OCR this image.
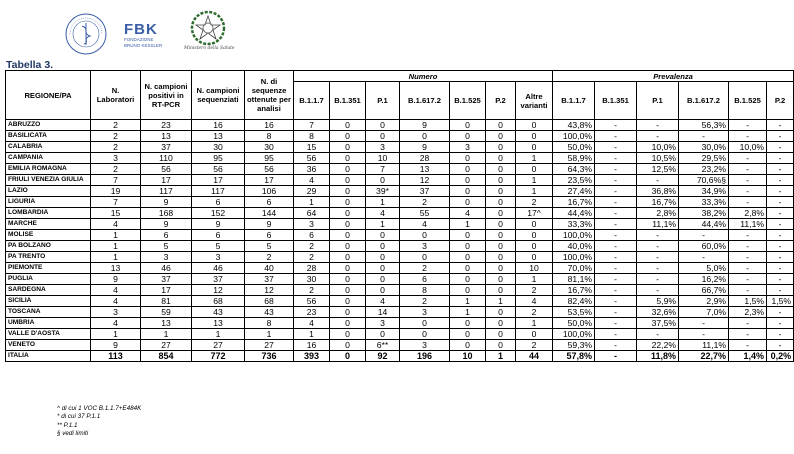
FBK
FONDAZIONE
BRUNO KESSLER
Ministero della Salute
Tabella 3.
REGIONE/PA	N. Laboratori	N. campioni positivi in RT-PCR	N. campioni sequenziati	N. di sequenze ottenute per analisi	Numero							Prevalenza					
					B.1.1.7	B.1.351	P.1	B.1.617.2	B.1.525	P.2	Altre varianti	B.1.1.7	B.1.351	P.1	B.1.617.2	B.1.525	P.2
ABRUZZO	2	23	16	16	7	0	0	9	0	0	0	43,8%	-	-	56,3%	-	-
BASILICATA	2	13	13	8	8	0	0	0	0	0	0	100,0%	-	-	-	-	-
CALABRIA	2	37	30	30	15	0	3	9	3	0	0	50,0%	-	10,0%	30,0%	10,0%	-
CAMPANIA	3	110	95	95	56	0	10	28	0	0	1	58,9%	-	10,5%	29,5%	-	-
EMILIA ROMAGNA	2	56	56	56	36	0	7	13	0	0	0	64,3%	-	12,5%	23,2%	-	-
FRIULI VENEZIA GIULIA	7	17	17	17	4	0	0	12	0	0	1	23,5%	-	-	70,6%§	-	-
LAZIO	19	117	117	106	29	0	39*	37	0	0	1	27,4%	-	36,8%	34,9%	-	-
LIGURIA	7	9	6	6	1	0	1	2	0	0	2	16,7%	-	16,7%	33,3%	-	-
LOMBARDIA	15	168	152	144	64	0	4	55	4	0	17^	44,4%	-	2,8%	38,2%	2,8%	-
MARCHE	4	9	9	9	3	0	1	4	1	0	0	33,3%	-	11,1%	44,4%	11,1%	-
MOLISE	1	6	6	6	6	0	0	0	0	0	0	100,0%	-	-	-	-	-
PA BOLZANO	1	5	5	5	2	0	0	3	0	0	0	40,0%	-	-	60,0%	-	-
PA TRENTO	1	3	3	2	2	0	0	0	0	0	0	100,0%	-	-	-	-	-
PIEMONTE	13	46	46	40	28	0	0	2	0	0	10	70,0%	-	-	5,0%	-	-
PUGLIA	9	37	37	37	30	0	0	6	0	0	1	81,1%	-	-	16,2%	-	-
SARDEGNA	4	17	12	12	2	0	0	8	0	0	2	16,7%	-	-	66,7%	-	-
SICILIA	4	81	68	68	56	0	4	2	1	1	4	82,4%	-	5,9%	2,9%	1,5%	1,5%
TOSCANA	3	59	43	43	23	0	14	3	1	0	2	53,5%	-	32,6%	7,0%	2,3%	-
UMBRIA	4	13	13	8	4	0	3	0	0	0	1	50,0%	-	37,5%	-	-	-
VALLE D'AOSTA	1	1	1	1	1	0	0	0	0	0	0	100,0%	-	-	-	-	-
VENETO	9	27	27	27	16	0	6**	3	0	0	2	59,3%	-	22,2%	11,1%	-	-
ITALIA	113	854	772	736	393	0	92	196	10	1	44	57,8%	-	11,8%	22,7%	1,4%	0,2%
^ di cui 1 VOC B.1.1.7+E484K
* di cui 37 P.1.1
** P.1.1
§ vedi limiti
